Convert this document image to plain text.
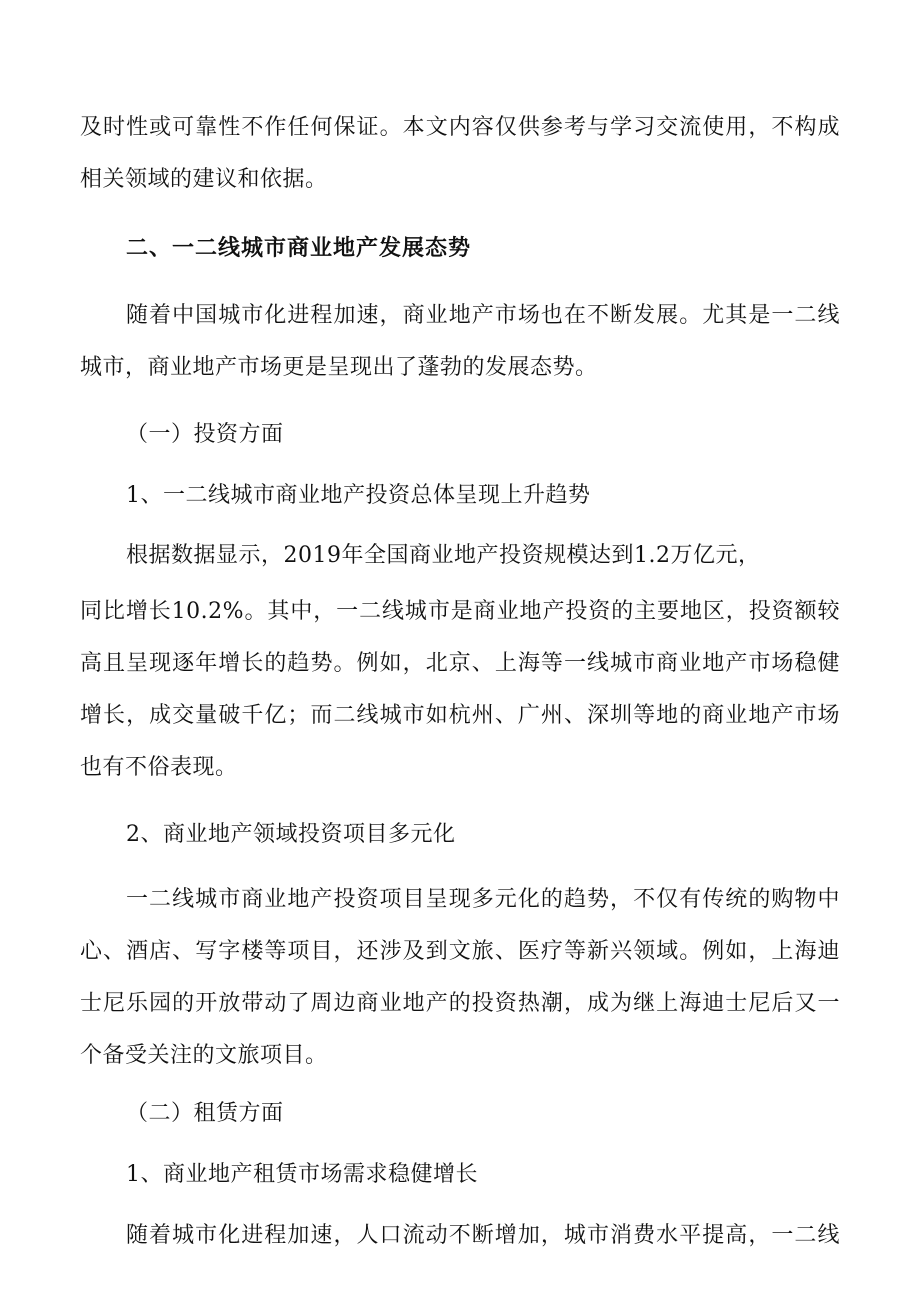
及时性或可靠性不作任何保证。本文内容仅供参考与学习交流使用，不构成
相关领域的建议和依据。
二、一二线城市商业地产发展态势
随着中国城市化进程加速，商业地产市场也在不断发展。尤其是一二线
城市，商业地产市场更是呈现出了蓬勃的发展态势。
（一）投资方面
1、一二线城市商业地产投资总体呈现上升趋势
根据数据显示，2019年全国商业地产投资规模达到1.2万亿元，
同比增长10.2%。其中，一二线城市是商业地产投资的主要地区，投资额较
高且呈现逐年增长的趋势。例如，北京、上海等一线城市商业地产市场稳健
增长，成交量破千亿；而二线城市如杭州、广州、深圳等地的商业地产市场
也有不俗表现。
2、商业地产领域投资项目多元化
一二线城市商业地产投资项目呈现多元化的趋势，不仅有传统的购物中
心、酒店、写字楼等项目，还涉及到文旅、医疗等新兴领域。例如，上海迪
士尼乐园的开放带动了周边商业地产的投资热潮，成为继上海迪士尼后又一
个备受关注的文旅项目。
（二）租赁方面
1、商业地产租赁市场需求稳健增长
随着城市化进程加速，人口流动不断增加，城市消费水平提高，一二线
